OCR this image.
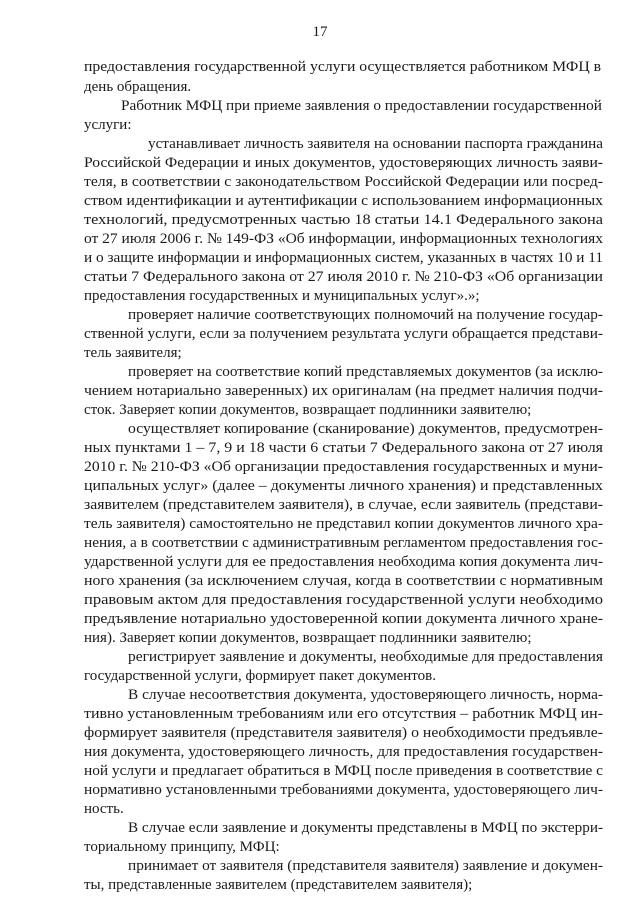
17
предоставления государственной услуги осуществляется работником МФЦ в
день обращения.
Работник МФЦ при приеме заявления о предоставлении государственной
услуги:
устанавливает личность заявителя на основании паспорта гражданина
Российской Федерации и иных документов, удостоверяющих личность заяви-
теля, в соответствии с законодательством Российской Федерации или посред-
ством идентификации и аутентификации с использованием информационных
технологий, предусмотренных частью 18 статьи 14.1 Федерального закона
от 27 июля 2006 г. № 149-ФЗ «Об информации, информационных технологиях
и о защите информации и информационных систем, указанных в частях 10 и 11
статьи 7 Федерального закона от 27 июля 2010 г. № 210-ФЗ «Об организации
предоставления государственных и муниципальных услуг».»;
проверяет наличие соответствующих полномочий на получение государ-
ственной услуги, если за получением результата услуги обращается представи-
тель заявителя;
проверяет на соответствие копий представляемых документов (за исклю-
чением нотариально заверенных) их оригиналам (на предмет наличия подчи-
сток. Заверяет копии документов, возвращает подлинники заявителю;
осуществляет копирование (сканирование) документов, предусмотрен-
ных пунктами 1 – 7, 9 и 18 части 6 статьи 7 Федерального закона от 27 июля
2010 г. № 210-ФЗ «Об организации предоставления государственных и муни-
ципальных услуг» (далее – документы личного хранения) и представленных
заявителем (представителем заявителя), в случае, если заявитель (представи-
тель заявителя) самостоятельно не представил копии документов личного хра-
нения, а в соответствии с административным регламентом предоставления гос-
ударственной услуги для ее предоставления необходима копия документа лич-
ного хранения (за исключением случая, когда в соответствии с нормативным
правовым актом для предоставления государственной услуги необходимо
предъявление нотариально удостоверенной копии документа личного хране-
ния). Заверяет копии документов, возвращает подлинники заявителю;
регистрирует заявление и документы, необходимые для предоставления
государственной услуги, формирует пакет документов.
В случае несоответствия документа, удостоверяющего личность, норма-
тивно установленным требованиям или его отсутствия – работник МФЦ ин-
формирует заявителя (представителя заявителя) о необходимости предъявле-
ния документа, удостоверяющего личность, для предоставления государствен-
ной услуги и предлагает обратиться в МФЦ после приведения в соответствие с
нормативно установленными требованиями документа, удостоверяющего лич-
ность.
В случае если заявление и документы представлены в МФЦ по экстерри-
ториальному принципу, МФЦ:
принимает от заявителя (представителя заявителя) заявление и докумен-
ты, представленные заявителем (представителем заявителя);
